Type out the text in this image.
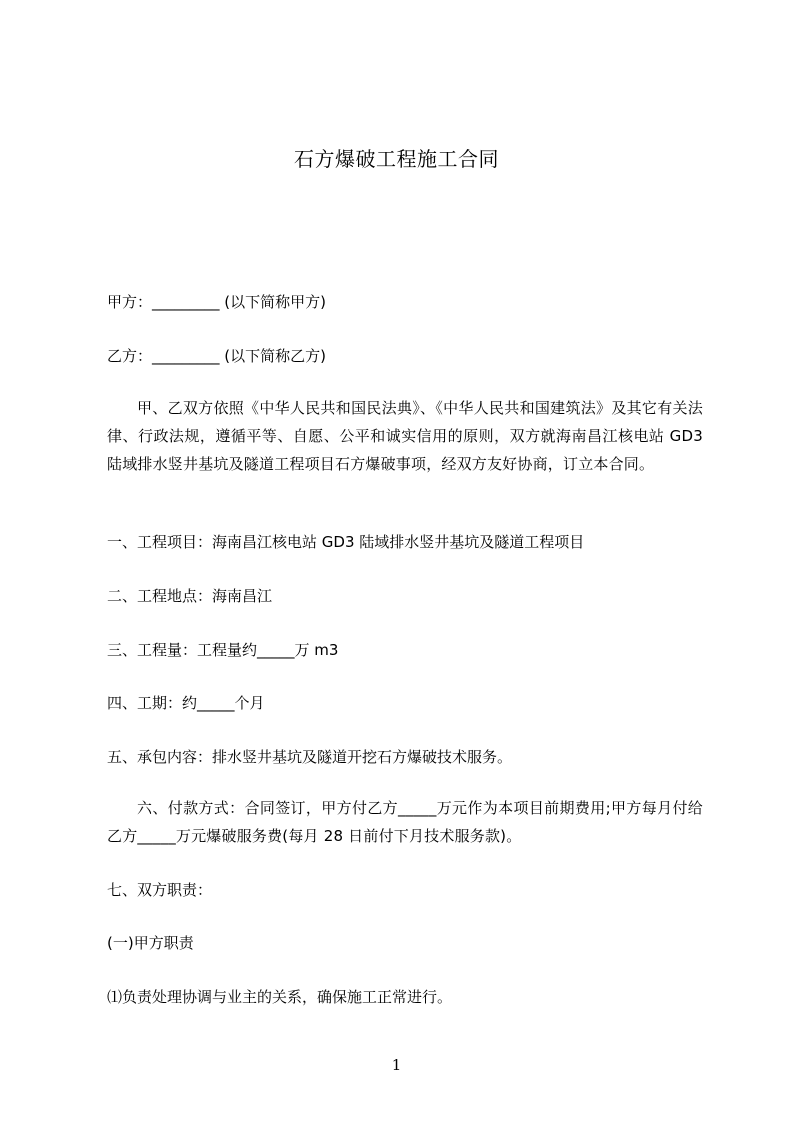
石方爆破工程施工合同
甲方：_________ (以下简称甲方)
乙方：_________ (以下简称乙方)
甲、乙双方依照《中华人民共和国民法典》、《中华人民共和国建筑法》及其它有关法律、行政法规，遵循平等、自愿、公平和诚实信用的原则，双方就海南昌江核电站 GD3 陆域排水竖井基坑及隧道工程项目石方爆破事项，经双方友好协商，订立本合同。
一、工程项目：海南昌江核电站 GD3 陆域排水竖井基坑及隧道工程项目
二、工程地点：海南昌江
三、工程量：工程量约_____万 m3
四、工期：约_____个月
五、承包内容：排水竖井基坑及隧道开挖石方爆破技术服务。
六、付款方式：合同签订，甲方付乙方_____万元作为本项目前期费用;甲方每月付给乙方_____万元爆破服务费(每月 28 日前付下月技术服务款)。
七、双方职责：
(一)甲方职责
⑴负责处理协调与业主的关系，确保施工正常进行。
1
